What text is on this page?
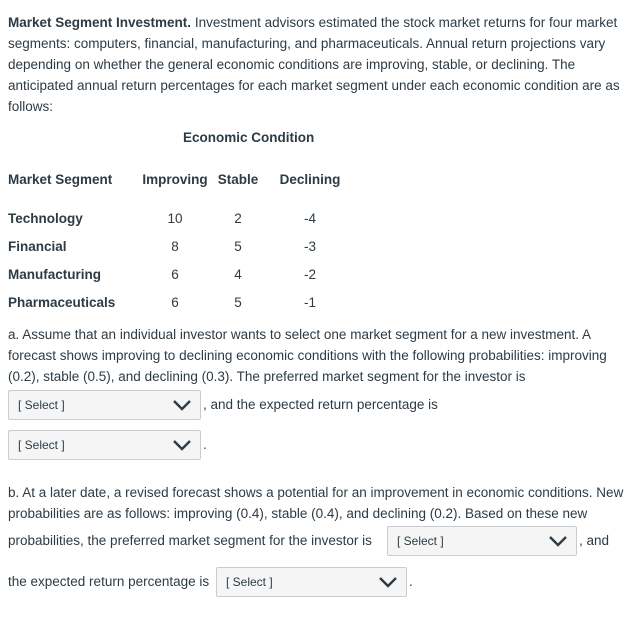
Market Segment Investment. Investment advisors estimated the stock market returns for four market segments: computers, financial, manufacturing, and pharmaceuticals. Annual return projections vary depending on whether the general economic conditions are improving, stable, or declining. The anticipated annual return percentages for each market segment under each economic condition are as follows:

Economic Condition
Market Segment	Improving	Stable	Declining
Technology	10	2	-4
Financial	8	5	-3
Manufacturing	6	4	-2
Pharmaceuticals	6	5	-1

a. Assume that an individual investor wants to select one market segment for a new investment. A forecast shows improving to declining economic conditions with the following probabilities: improving (0.2), stable (0.5), and declining (0.3). The preferred market segment for the investor is

[ Select ]	, and the expected return percentage is
[ Select ]	.

b. At a later date, a revised forecast shows a potential for an improvement in economic conditions. New probabilities are as follows: improving (0.4), stable (0.4), and declining (0.2). Based on these new

probabilities, the preferred market segment for the investor is [ Select ]	, and
the expected return percentage is [ Select ]	.
